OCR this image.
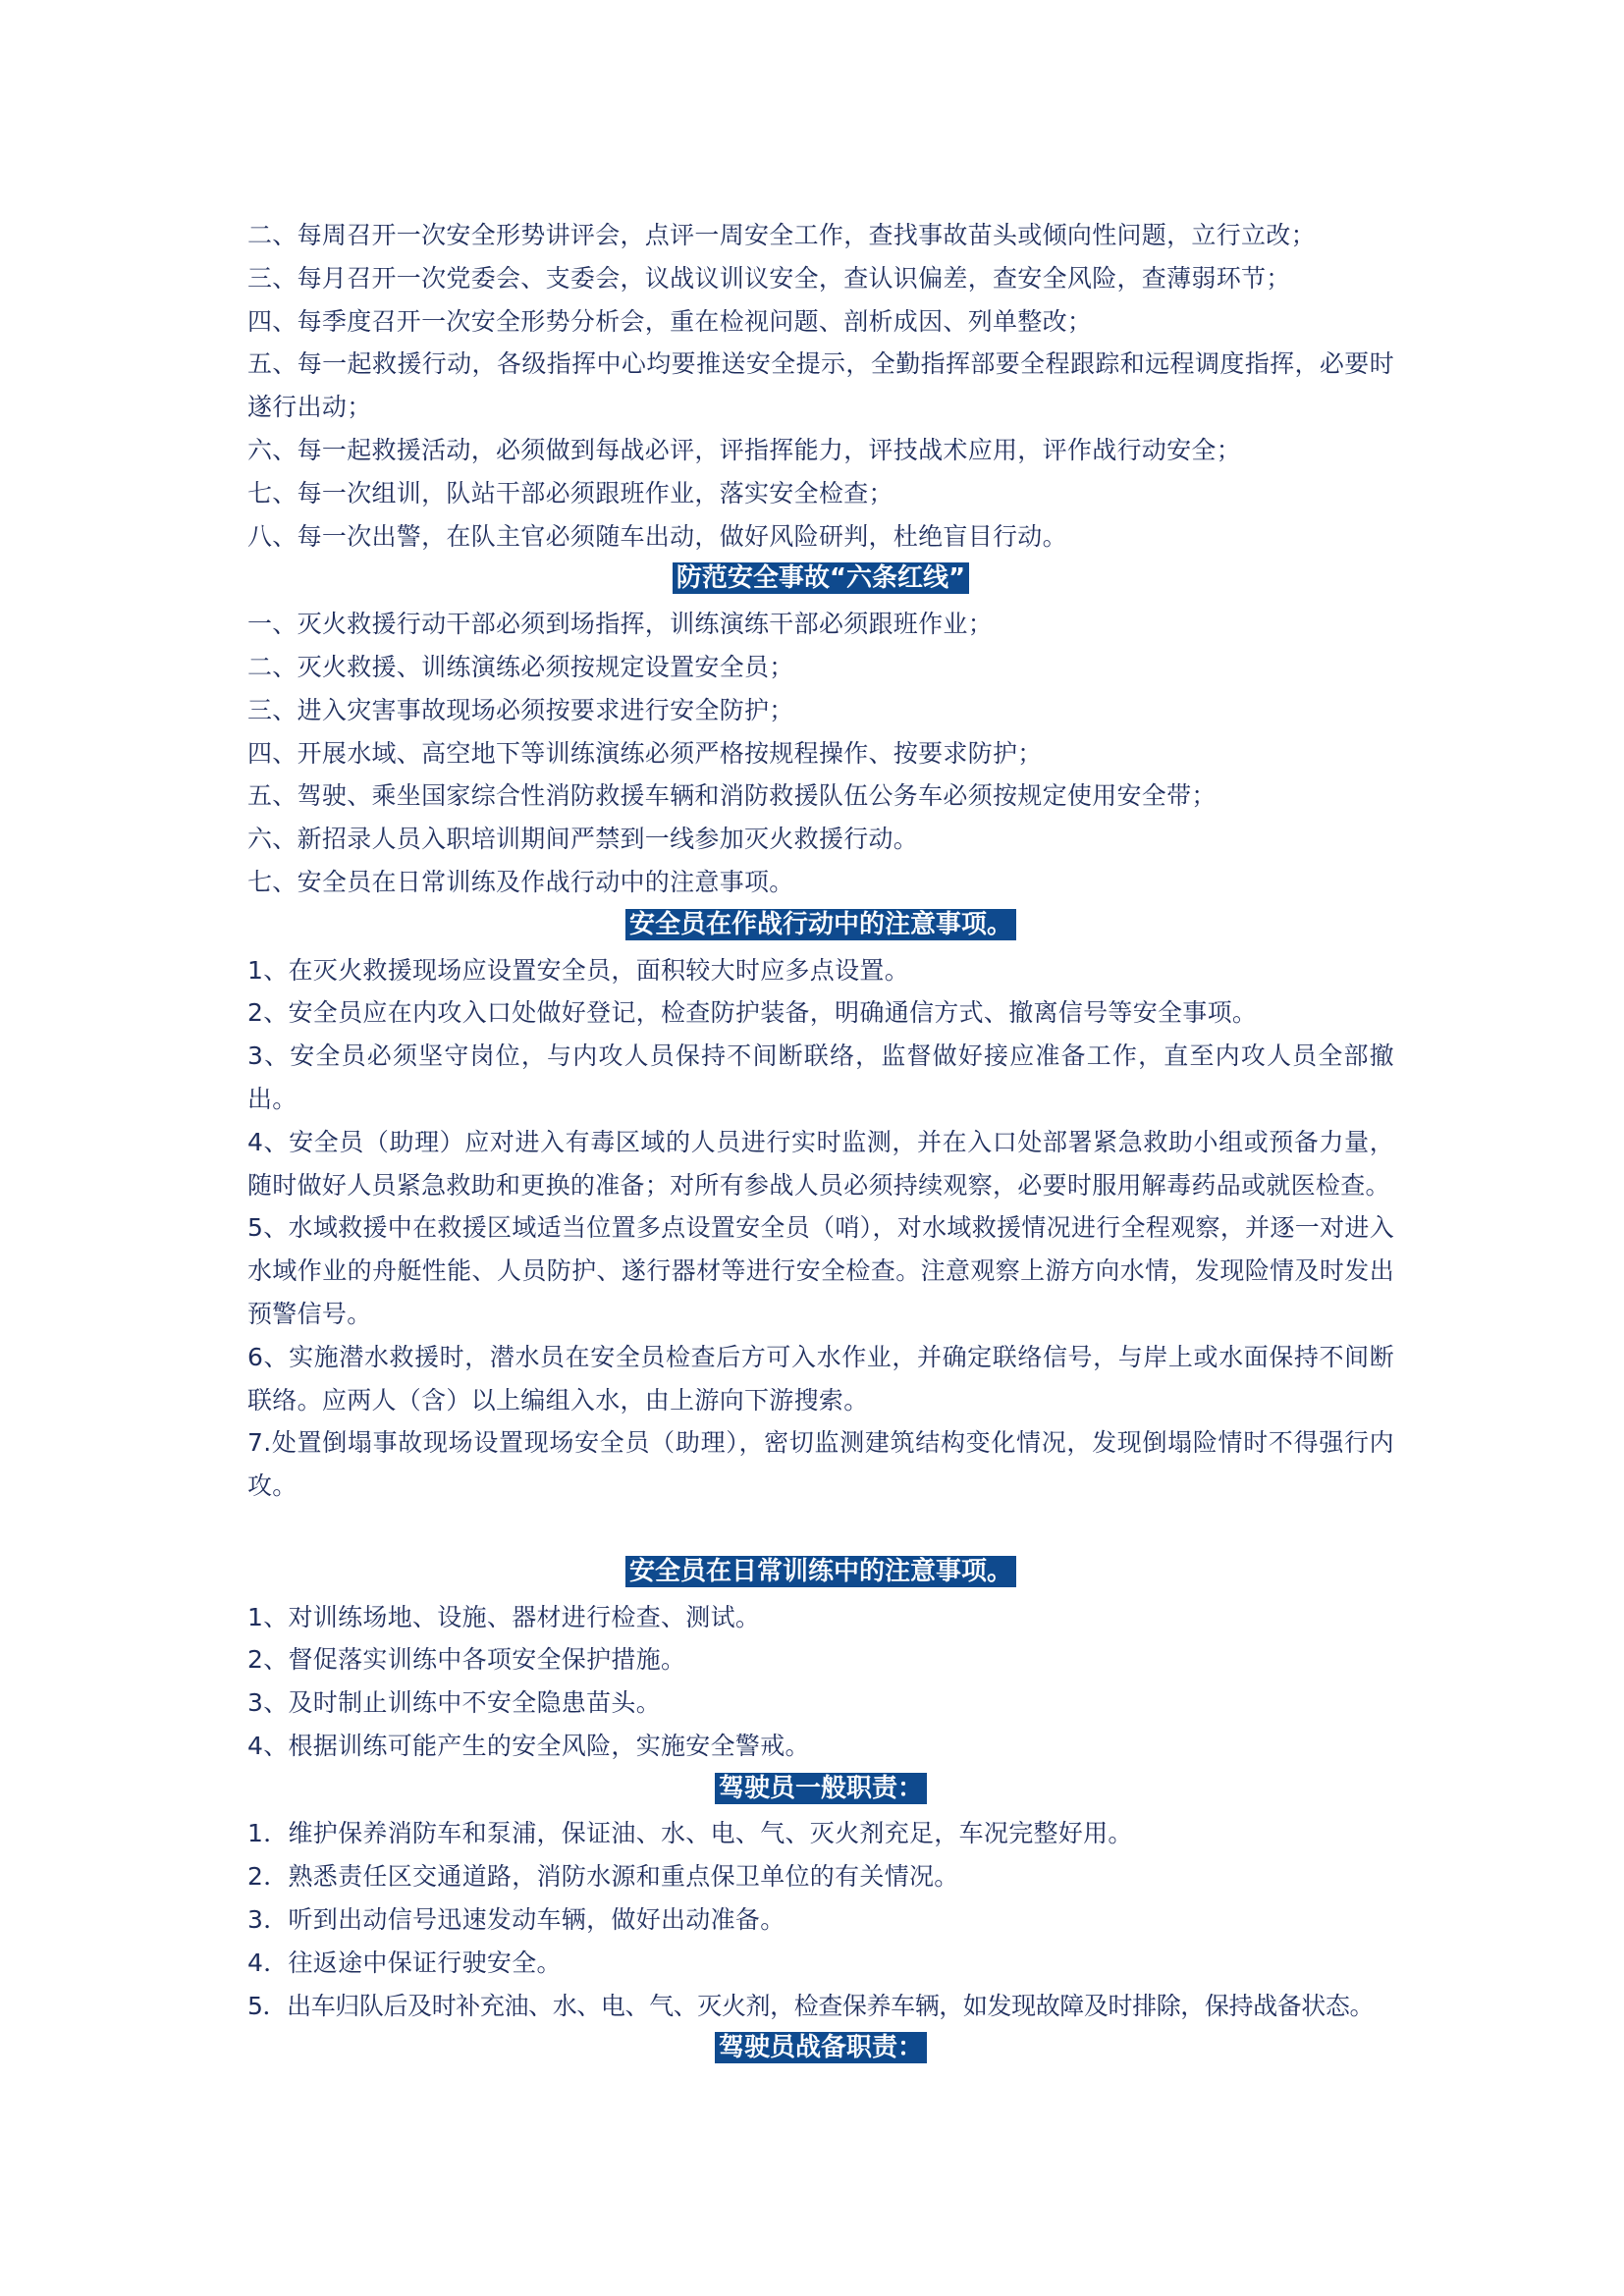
二、每周召开一次安全形势讲评会，点评一周安全工作，查找事故苗头或倾向性问题，立行立改；

三、每月召开一次党委会、支委会，议战议训议安全，查认识偏差，查安全风险，查薄弱环节；

四、每季度召开一次安全形势分析会，重在检视问题、剖析成因、列单整改；

五、每一起救援行动，各级指挥中心均要推送安全提示，全勤指挥部要全程跟踪和远程调度指挥，必要时遂行出动；

六、每一起救援活动，必须做到每战必评，评指挥能力，评技战术应用，评作战行动安全；

七、每一次组训，队站干部必须跟班作业，落实安全检查；

八、每一次出警，在队主官必须随车出动，做好风险研判，杜绝盲目行动。

防范安全事故“六条红线”

一、灭火救援行动干部必须到场指挥，训练演练干部必须跟班作业；

二、灭火救援、训练演练必须按规定设置安全员；

三、进入灾害事故现场必须按要求进行安全防护；

四、开展水域、高空地下等训练演练必须严格按规程操作、按要求防护；

五、驾驶、乘坐国家综合性消防救援车辆和消防救援队伍公务车必须按规定使用安全带；

六、新招录人员入职培训期间严禁到一线参加灭火救援行动。

七、安全员在日常训练及作战行动中的注意事项。

安全员在作战行动中的注意事项。

1、在灭火救援现场应设置安全员，面积较大时应多点设置。

2、安全员应在内攻入口处做好登记，检查防护装备，明确通信方式、撤离信号等安全事项。

3、安全员必须坚守岗位，与内攻人员保持不间断联络，监督做好接应准备工作，直至内攻人员全部撤出。

4、安全员（助理）应对进入有毒区域的人员进行实时监测，并在入口处部署紧急救助小组或预备力量，随时做好人员紧急救助和更换的准备；对所有参战人员必须持续观察，必要时服用解毒药品或就医检查。

5、水域救援中在救援区域适当位置多点设置安全员（哨），对水域救援情况进行全程观察，并逐一对进入水域作业的舟艇性能、人员防护、遂行器材等进行安全检查。注意观察上游方向水情，发现险情及时发出预警信号。

6、实施潜水救援时，潜水员在安全员检查后方可入水作业，并确定联络信号，与岸上或水面保持不间断联络。应两人（含）以上编组入水，由上游向下游搜索。

7.处置倒塌事故现场设置现场安全员（助理），密切监测建筑结构变化情况，发现倒塌险情时不得强行内攻。

安全员在日常训练中的注意事项。

1、对训练场地、设施、器材进行检查、测试。

2、督促落实训练中各项安全保护措施。

3、及时制止训练中不安全隐患苗头。

4、根据训练可能产生的安全风险，实施安全警戒。

驾驶员一般职责：

1．维护保养消防车和泵浦，保证油、水、电、气、灭火剂充足，车况完整好用。

2．熟悉责任区交通道路，消防水源和重点保卫单位的有关情况。

3．听到出动信号迅速发动车辆，做好出动准备。

4．往返途中保证行驶安全。

5．出车归队后及时补充油、水、电、气、灭火剂，检查保养车辆，如发现故障及时排除，保持战备状态。

驾驶员战备职责：
